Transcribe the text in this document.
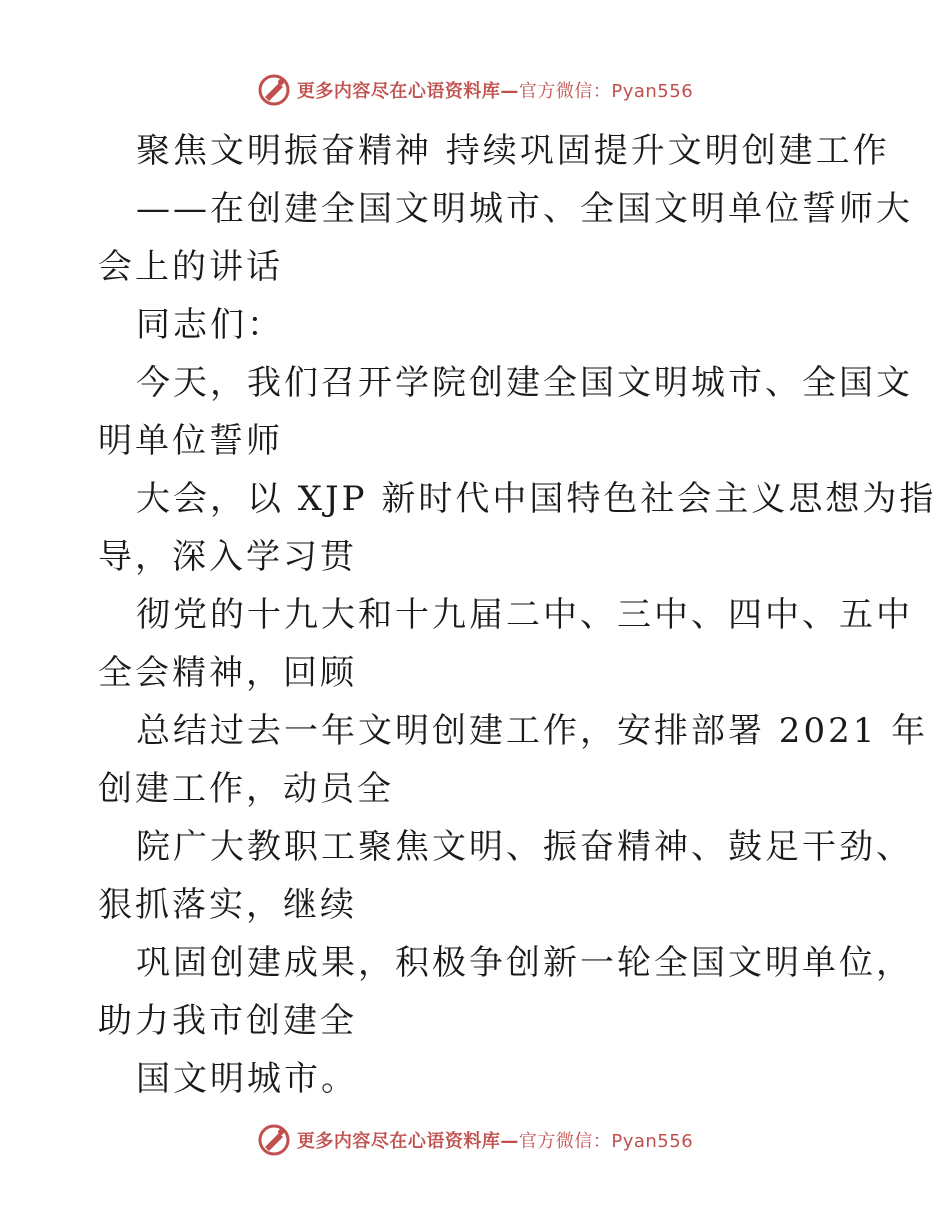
更多内容尽在心语资料库—官方微信：Pyan556
聚焦文明振奋精神 持续巩固提升文明创建工作
——在创建全国文明城市、全国文明单位誓师大
会上的讲话
同志们：
今天，我们召开学院创建全国文明城市、全国文
明单位誓师
大会，以 XJP 新时代中国特色社会主义思想为指
导，深入学习贯
彻党的十九大和十九届二中、三中、四中、五中
全会精神，回顾
总结过去一年文明创建工作，安排部署 2021 年
创建工作，动员全
院广大教职工聚焦文明、振奋精神、鼓足干劲、
狠抓落实，继续
巩固创建成果，积极争创新一轮全国文明单位，
助力我市创建全
国文明城市。
更多内容尽在心语资料库—官方微信：Pyan556
